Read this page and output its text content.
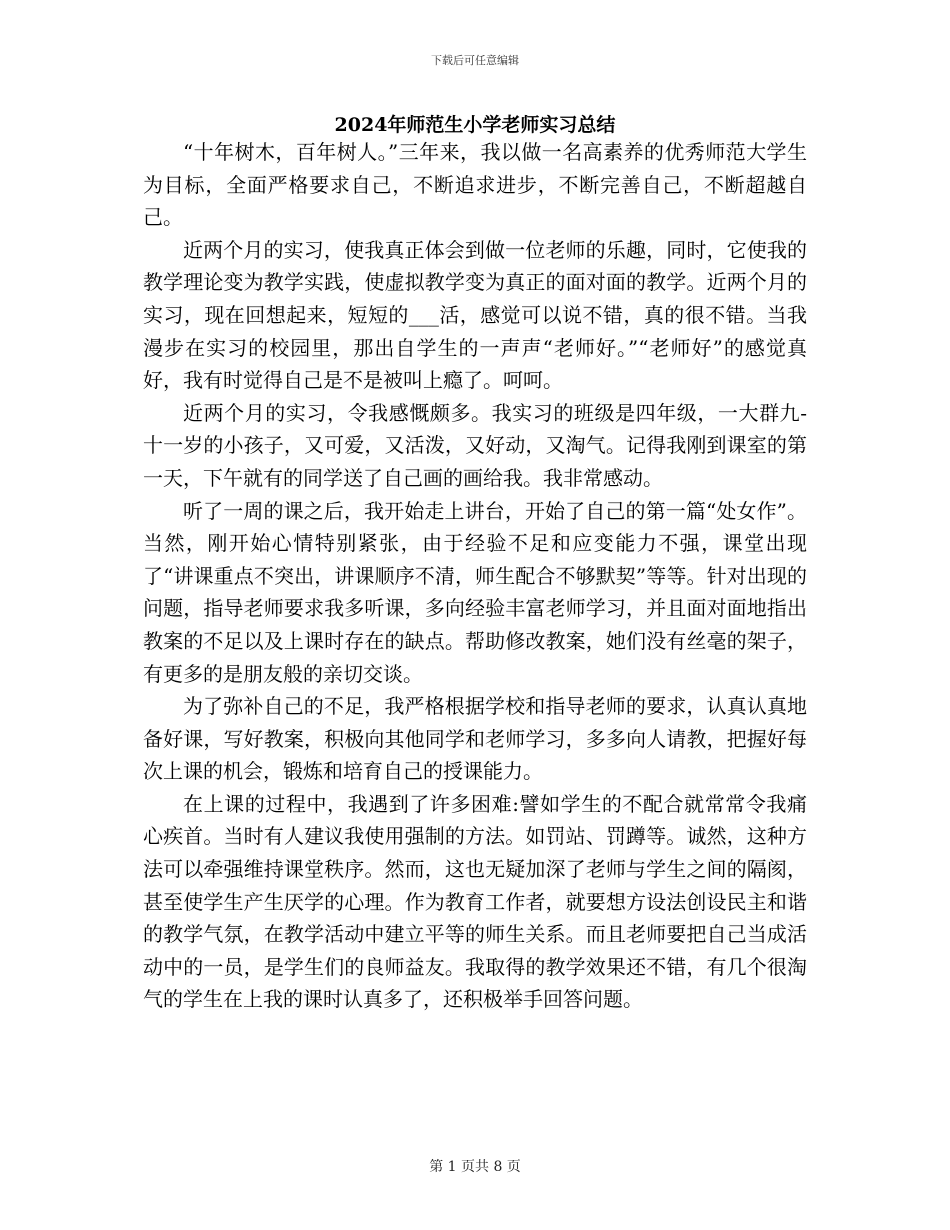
下载后可任意编辑
2024年师范生小学老师实习总结

“十年树木，百年树人。”三年来，我以做一名高素养的优秀师范大学生为目标，全面严格要求自己，不断追求进步，不断完善自己，不断超越自己。

近两个月的实习，使我真正体会到做一位老师的乐趣，同时，它使我的教学理论变为教学实践，使虚拟教学变为真正的面对面的教学。近两个月的实习，现在回想起来，短短的___活，感觉可以说不错，真的很不错。当我漫步在实习的校园里，那出自学生的一声声“老师好。”“老师好”的感觉真好，我有时觉得自己是不是被叫上瘾了。呵呵。

近两个月的实习，令我感慨颇多。我实习的班级是四年级，一大群九-十一岁的小孩子，又可爱，又活泼，又好动，又淘气。记得我刚到课室的第一天，下午就有的同学送了自己画的画给我。我非常感动。

听了一周的课之后，我开始走上讲台，开始了自己的第一篇“处女作”。当然，刚开始心情特别紧张，由于经验不足和应变能力不强，课堂出现了“讲课重点不突出，讲课顺序不清，师生配合不够默契”等等。针对出现的问题，指导老师要求我多听课，多向经验丰富老师学习，并且面对面地指出教案的不足以及上课时存在的缺点。帮助修改教案，她们没有丝毫的架子，有更多的是朋友般的亲切交谈。

为了弥补自己的不足，我严格根据学校和指导老师的要求，认真认真地备好课，写好教案，积极向其他同学和老师学习，多多向人请教，把握好每次上课的机会，锻炼和培育自己的授课能力。

在上课的过程中，我遇到了许多困难:譬如学生的不配合就常常令我痛心疾首。当时有人建议我使用强制的方法。如罚站、罚蹲等。诚然，这种方法可以牵强维持课堂秩序。然而，这也无疑加深了老师与学生之间的隔阂，甚至使学生产生厌学的心理。作为教育工作者，就要想方设法创设民主和谐的教学气氛，在教学活动中建立平等的师生关系。而且老师要把自己当成活动中的一员，是学生们的良师益友。我取得的教学效果还不错，有几个很淘气的学生在上我的课时认真多了，还积极举手回答问题。

第 1 页共 8 页
